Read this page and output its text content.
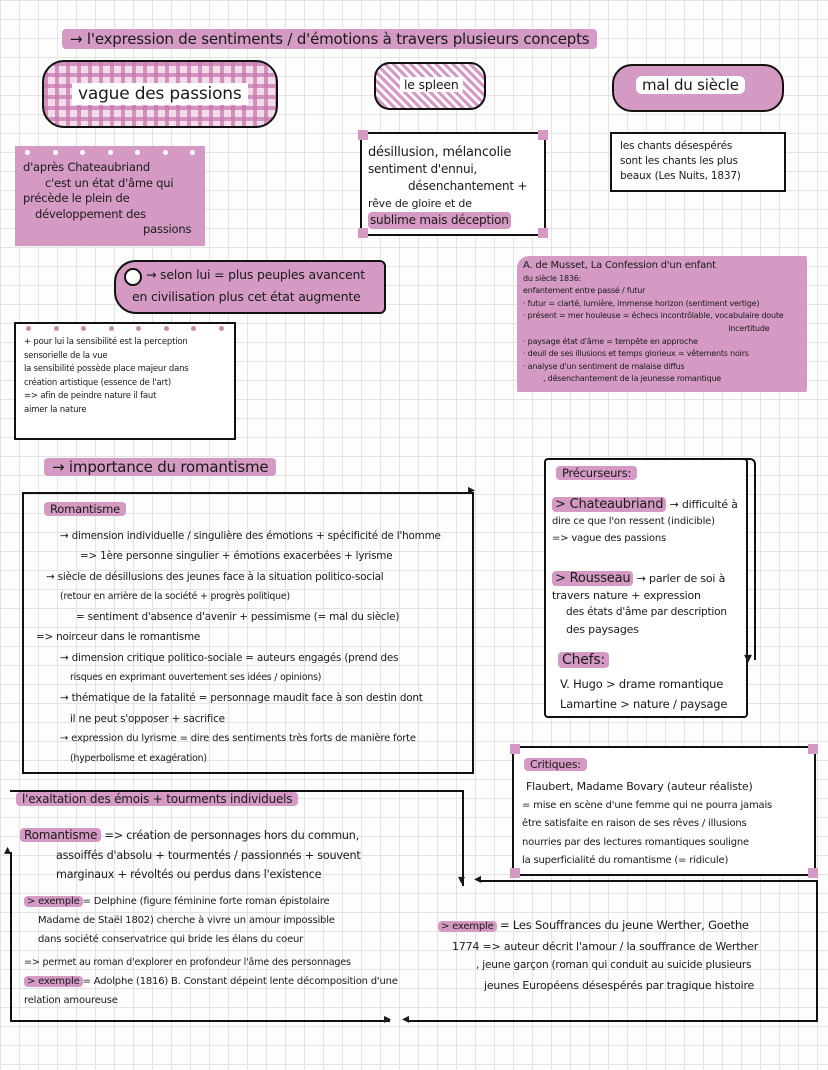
→ l'expression de sentiments / d'émotions à travers plusieurs concepts
vague des passions	le spleen	mal du siècle
d'après Chateaubriand
c'est un état d'âme qui
précède le plein de
développement des
passions
désillusion, mélancolie
sentiment d'ennui,
désenchantement +
rêve de gloire et de
sublime mais déception
les chants désespérés
sont les chants les plus
beaux (Les Nuits, 1837)
→ selon lui = plus peuples avancent
en civilisation plus cet état augmente
+ pour lui la sensibilité est la perception
sensorielle de la vue
la sensibilité possède place majeur dans
création artistique (essence de l'art)
=> afin de peindre nature il faut
aimer la nature
A. de Musset, La Confession d'un enfant
du siècle 1836:
enfantement entre passé / futur
· futur = clarté, lumière, immense horizon (sentiment vertige)
· présent = mer houleuse = échecs incontrôlable, vocabulaire doute
incertitude
· paysage état d'âme = tempête en approche
· deuil de ses illusions et temps glorieux = vêtements noirs
· analyse d'un sentiment de malaise diffus
, désenchantement de la jeunesse romantique
→ importance du romantisme
Romantisme
→ dimension individuelle / singulière des émotions + spécificité de l'homme
=> 1ère personne singulier + émotions exacerbées + lyrisme
→ siècle de désillusions des jeunes face à la situation politico-social
(retour en arrière de la société + progrès politique)
= sentiment d'absence d'avenir + pessimisme (= mal du siècle)
=> noirceur dans le romantisme
→ dimension critique politico-sociale = auteurs engagés (prend des
risques en exprimant ouvertement ses idées / opinions)
→ thématique de la fatalité = personnage maudit face à son destin dont
il ne peut s'opposer + sacrifice
→ expression du lyrisme = dire des sentiments très forts de manière forte
(hyperbolisme et exagération)
Précurseurs:
> Chateaubriand → difficulté à
dire ce que l'on ressent (indicible)
=> vague des passions
> Rousseau → parler de soi à
travers nature + expression
des états d'âme par description
des paysages
Chefs:
V. Hugo > drame romantique
Lamartine > nature / paysage
▾
Critiques:
Flaubert, Madame Bovary (auteur réaliste)
= mise en scène d'une femme qui ne pourra jamais
être satisfaite en raison de ses rêves / illusions
nourries par des lectures romantiques souligne
la superficialité du romantisme (= ridicule)
l'exaltation des émois + tourments individuels
Romantisme => création de personnages hors du commun,
assoiffés d'absolu + tourmentés / passionnés + souvent
marginaux + révoltés ou perdus dans l'existence
> exemple = Delphine (figure féminine forte roman épistolaire
Madame de Staël 1802) cherche à vivre un amour impossible
dans société conservatrice qui bride les élans du coeur
=> permet au roman d'explorer en profondeur l'âme des personnages
> exemple = Adolphe (1816) B. Constant dépeint lente décomposition d'une
relation amoureuse
> exemple = Les Souffrances du jeune Werther, Goethe
1774 => auteur décrit l'amour / la souffrance de Werther
, jeune garçon (roman qui conduit au suicide plusieurs
jeunes Européens désespérés par tragique histoire
▸
▾
▴
▸ ◂
◂
